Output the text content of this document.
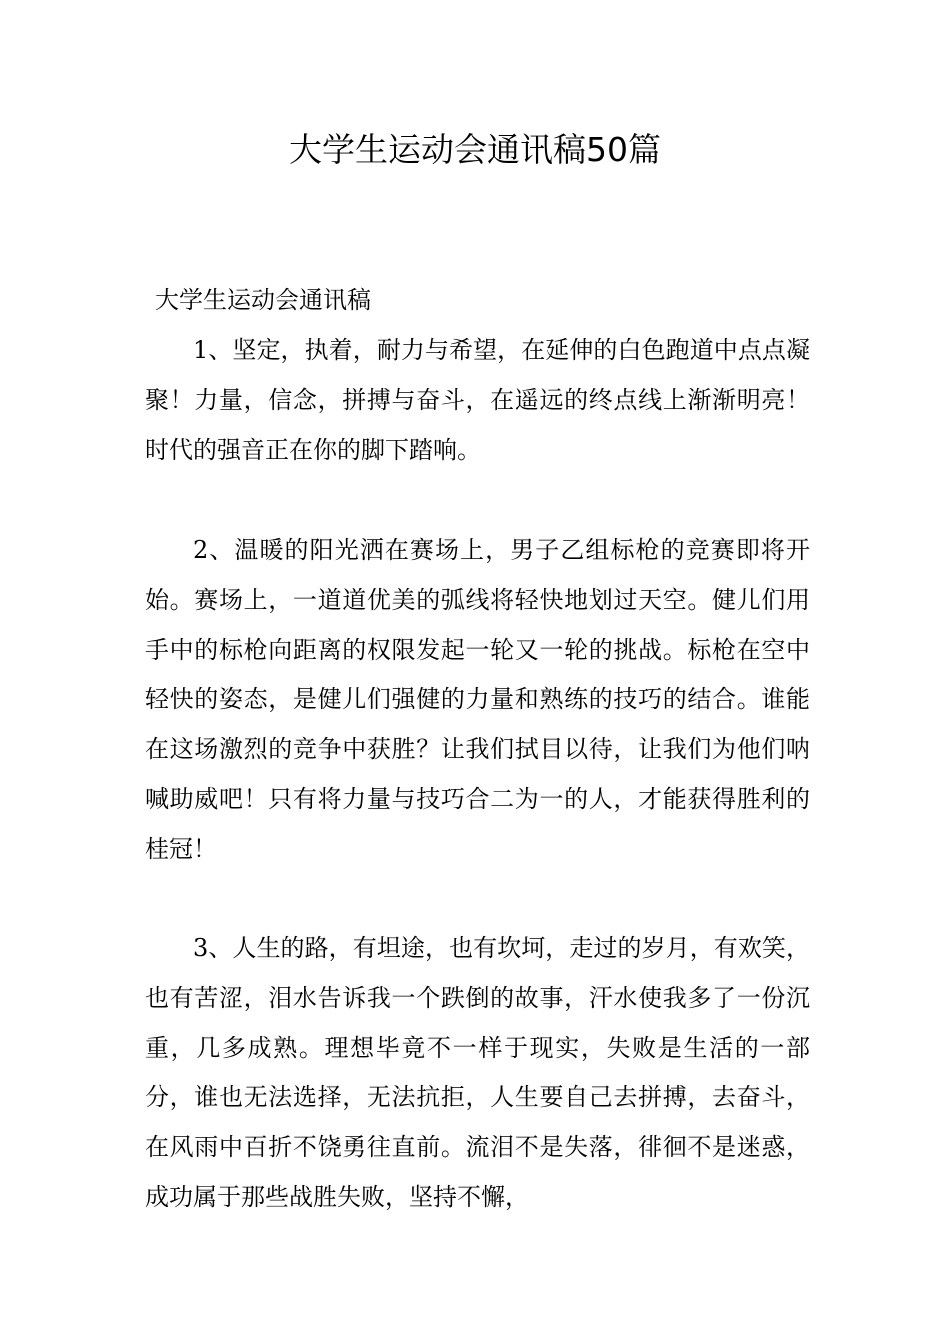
大学生运动会通讯稿50篇

大学生运动会通讯稿

1、坚定，执着，耐力与希望，在延伸的白色跑道中点点凝聚！力量，信念，拼搏与奋斗，在遥远的终点线上渐渐明亮！时代的强音正在你的脚下踏响。

2、温暖的阳光洒在赛场上，男子乙组标枪的竞赛即将开始。赛场上，一道道优美的弧线将轻快地划过天空。健儿们用手中的标枪向距离的权限发起一轮又一轮的挑战。标枪在空中轻快的姿态，是健儿们强健的力量和熟练的技巧的结合。谁能在这场激烈的竞争中获胜？让我们拭目以待，让我们为他们呐喊助威吧！只有将力量与技巧合二为一的人，才能获得胜利的桂冠！

3、人生的路，有坦途，也有坎坷，走过的岁月，有欢笑，也有苦涩，泪水告诉我一个跌倒的故事，汗水使我多了一份沉重，几多成熟。理想毕竟不一样于现实，失败是生活的一部分，谁也无法选择，无法抗拒，人生要自己去拼搏，去奋斗，在风雨中百折不饶勇往直前。流泪不是失落，徘徊不是迷惑，成功属于那些战胜失败，坚持不懈，
